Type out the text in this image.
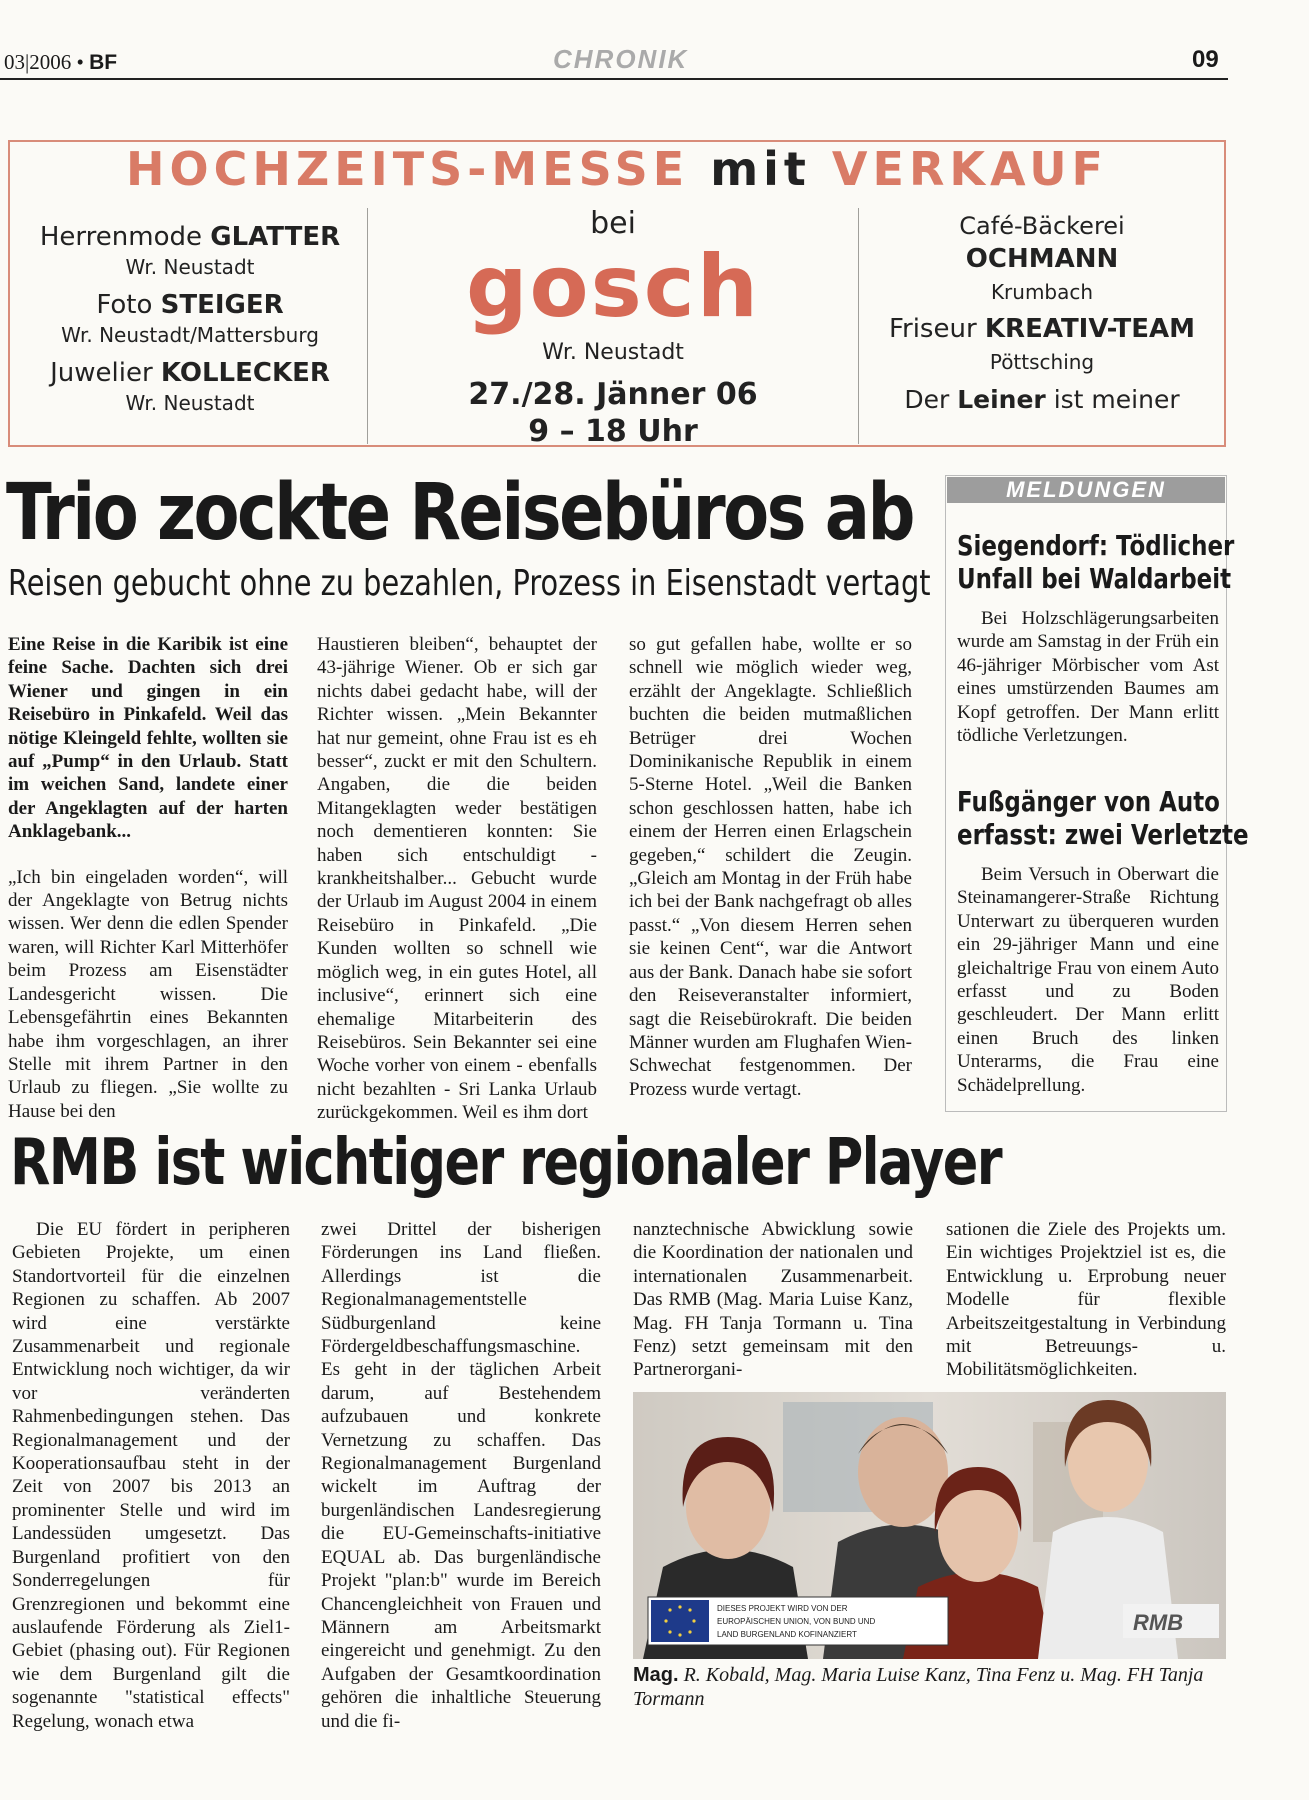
03|2006 • BF	CHRONIK	09
HOCHZEITS-MESSE mit VERKAUF
Herrenmode GLATTER
Wr. Neustadt
Foto STEIGER
Wr. Neustadt/Mattersburg
Juwelier KOLLECKER
Wr. Neustadt
bei
gosch
Wr. Neustadt
27./28. Jänner 06
9 – 18 Uhr
Café-Bäckerei
OCHMANN
Krumbach
Friseur KREATIV-TEAM
Pöttsching
Der Leiner ist meiner
Trio zockte Reisebüros ab
Reisen gebucht ohne zu bezahlen, Prozess in Eisenstadt vertagt

Eine Reise in die Karibik ist eine feine Sache. Dachten sich drei Wiener und gingen in ein Reisebüro in Pinkafeld. Weil das nötige Kleingeld fehlte, wollten sie auf „Pump“ in den Urlaub. Statt im weichen Sand, landete einer der Angeklagten auf der harten Anklagebank...

„Ich bin eingeladen worden“, will der Angeklagte von Betrug nichts wissen. Wer denn die edlen Spender waren, will Richter Karl Mitterhöfer beim Prozess am Eisenstädter Landesgericht wissen. Die Lebensgefährtin eines Bekannten habe ihm vorgeschlagen, an ihrer Stelle mit ihrem Partner in den Urlaub zu fliegen. „Sie wollte zu Hause bei den

Haustieren bleiben“, behauptet der 43-jährige Wiener. Ob er sich gar nichts dabei gedacht habe, will der Richter wissen. „Mein Bekannter hat nur gemeint, ohne Frau ist es eh besser“, zuckt er mit den Schultern. Angaben, die die beiden Mitangeklagten weder bestätigen noch dementieren konnten: Sie haben sich entschuldigt - krankheitshalber... Gebucht wurde der Urlaub im August 2004 in einem Reisebüro in Pinkafeld. „Die Kunden wollten so schnell wie möglich weg, in ein gutes Hotel, all inclusive“, erinnert sich eine ehemalige Mitarbeiterin des Reisebüros. Sein Bekannter sei eine Woche vorher von einem - ebenfalls nicht bezahlten - Sri Lanka Urlaub zurückgekommen. Weil es ihm dort

so gut gefallen habe, wollte er so schnell wie möglich wieder weg, erzählt der Angeklagte. Schließlich buchten die beiden mutmaßlichen Betrüger drei Wochen Dominikanische Republik in einem 5-Sterne Hotel. „Weil die Banken schon geschlossen hatten, habe ich einem der Herren einen Erlagschein gegeben,“ schildert die Zeugin. „Gleich am Montag in der Früh habe ich bei der Bank nachgefragt ob alles passt.“ „Von diesem Herren sehen sie keinen Cent“, war die Antwort aus der Bank. Danach habe sie sofort den Reiseveranstalter informiert, sagt die Reisebürokraft. Die beiden Männer wurden am Flughafen Wien-Schwechat festgenommen. Der Prozess wurde vertagt.

MELDUNGEN
Siegendorf: Tödlicher
Unfall bei Waldarbeit
Bei Holzschlägerungsarbeiten wurde am Samstag in der Früh ein 46-jähriger Mörbischer vom Ast eines umstürzenden Baumes am Kopf getroffen. Der Mann erlitt tödliche Verletzungen.
Fußgänger von Auto
erfasst: zwei Verletzte
Beim Versuch in Oberwart die Steinamangerer-Straße Richtung Unterwart zu überqueren wurden ein 29-jähriger Mann und eine gleichaltrige Frau von einem Auto erfasst und zu Boden geschleudert. Der Mann erlitt einen Bruch des linken Unterarms, die Frau eine Schädelprellung.
RMB ist wichtiger regionaler Player

Die EU fördert in peripheren Gebieten Projekte, um einen Standortvorteil für die einzelnen Regionen zu schaffen. Ab 2007 wird eine verstärkte Zusammenarbeit und regionale Entwicklung noch wichtiger, da wir vor veränderten Rahmenbedingungen stehen. Das Regionalmanagement und der Kooperationsaufbau steht in der Zeit von 2007 bis 2013 an prominenter Stelle und wird im Landessüden umgesetzt. Das Burgenland profitiert von den Sonderregelungen für Grenzregionen und bekommt eine auslaufende Förderung als Ziel1-Gebiet (phasing out). Für Regionen wie dem Burgenland gilt die sogenannte "statistical effects" Regelung, wonach etwa

zwei Drittel der bisherigen Förderungen ins Land fließen. Allerdings ist die Regionalmanagementstelle Südburgenland keine Fördergeldbeschaffungsmaschine. Es geht in der täglichen Arbeit darum, auf Bestehendem aufzubauen und konkrete Vernetzung zu schaffen. Das Regionalmanagement Burgenland wickelt im Auftrag der burgenländischen Landesregierung die EU-Gemeinschafts-initiative EQUAL ab. Das burgenländische Projekt "plan:b" wurde im Bereich Chancengleichheit von Frauen und Männern am Arbeitsmarkt eingereicht und genehmigt. Zu den Aufgaben der Gesamtkoordination gehören die inhaltliche Steuerung und die fi-

nanztechnische Abwicklung sowie die Koordination der nationalen und internationalen Zusammenarbeit. Das RMB (Mag. Maria Luise Kanz, Mag. FH Tanja Tormann u. Tina Fenz) setzt gemeinsam mit den Partnerorgani-

sationen die Ziele des Projekts um. Ein wichtiges Projektziel ist es, die Entwicklung u. Erprobung neuer Modelle für flexible Arbeitszeitgestaltung in Verbindung mit Betreuungs- u. Mobilitätsmöglichkeiten.

DIESES PROJEKT WIRD VON DER
EUROPÄISCHEN UNION, VON BUND UND
LAND BURGENLAND KOFINANZIERT	RMB
Mag. R. Kobald, Mag. Maria Luise Kanz, Tina Fenz u. Mag. FH Tanja Tormann
